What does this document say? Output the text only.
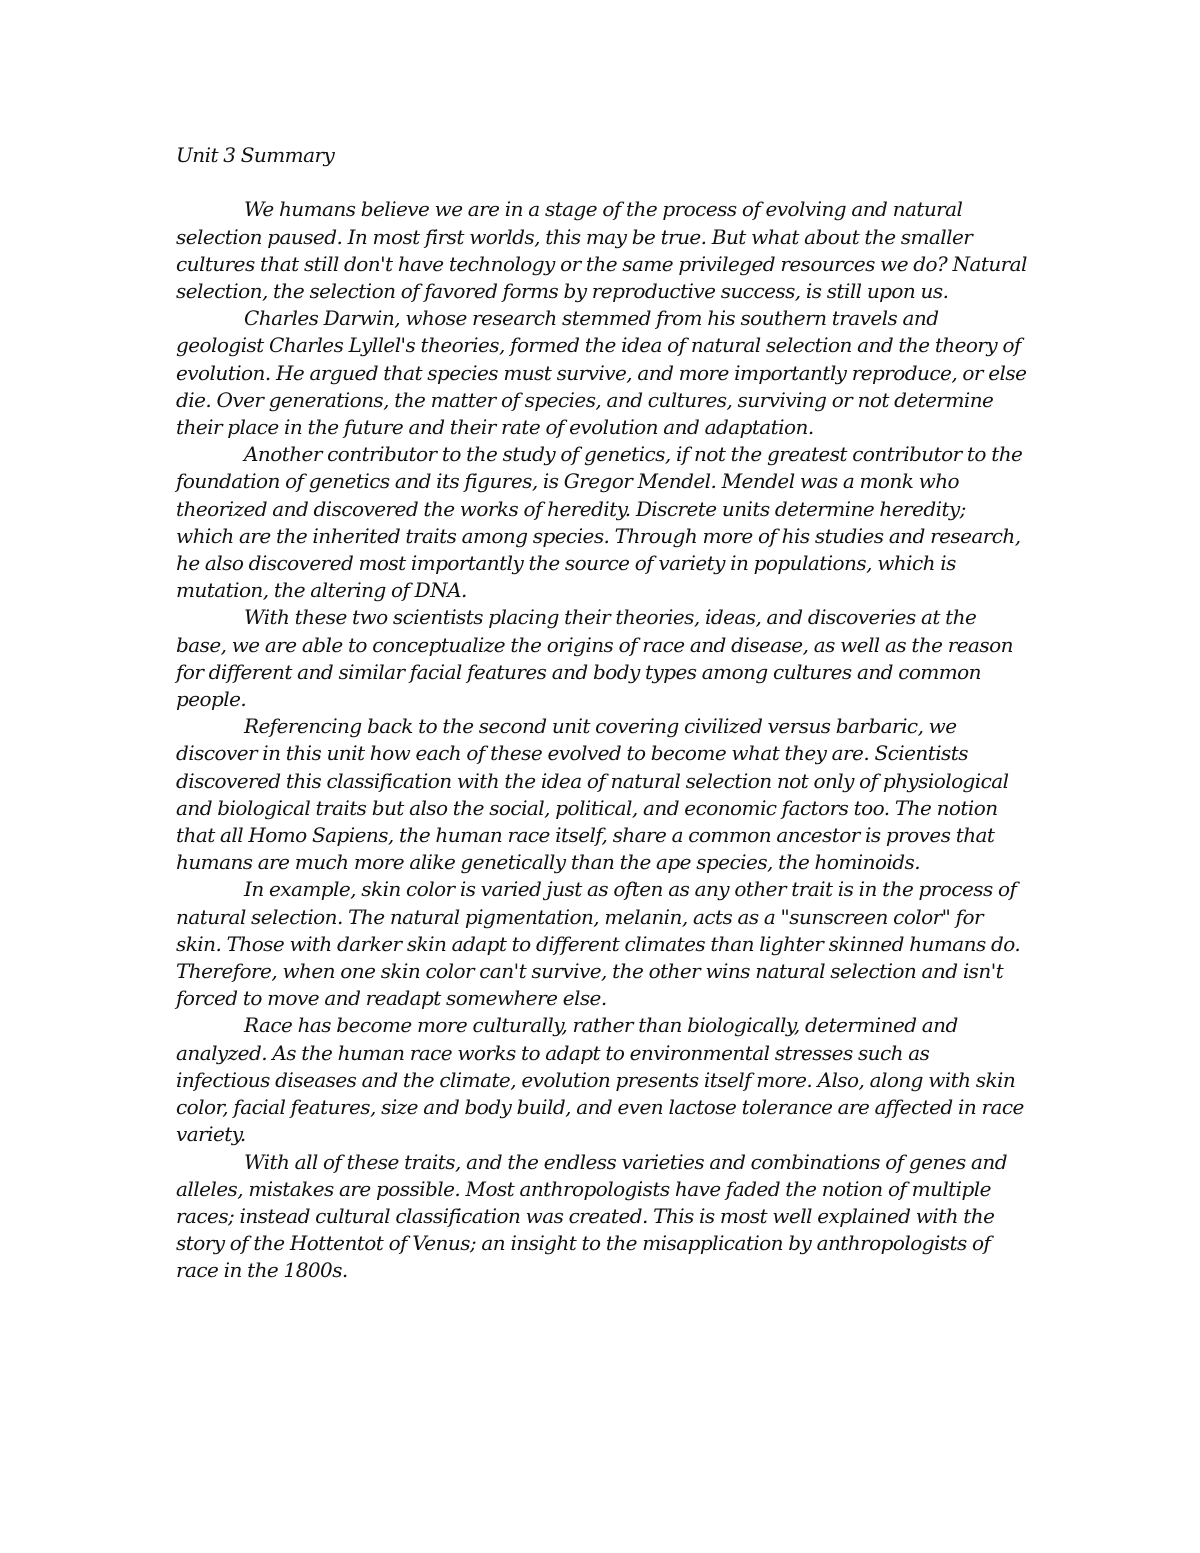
Unit 3 Summary

We humans believe we are in a stage of the process of evolving and natural selection paused. In most first worlds, this may be true. But what about the smaller cultures that still don't have technology or the same privileged resources we do? Natural selection, the selection of favored forms by reproductive success, is still upon us.

Charles Darwin, whose research stemmed from his southern travels and geologist Charles Lyllel's theories, formed the idea of natural selection and the theory of evolution. He argued that species must survive, and more importantly reproduce, or else die. Over generations, the matter of species, and cultures, surviving or not determine their place in the future and their rate of evolution and adaptation.

Another contributor to the study of genetics, if not the greatest contributor to the foundation of genetics and its figures, is Gregor Mendel. Mendel was a monk who theorized and discovered the works of heredity. Discrete units determine heredity; which are the inherited traits among species. Through more of his studies and research, he also discovered most importantly the source of variety in populations, which is mutation, the altering of DNA.

With these two scientists placing their theories, ideas, and discoveries at the base, we are able to conceptualize the origins of race and disease, as well as the reason for different and similar facial features and body types among cultures and common people.

Referencing back to the second unit covering civilized versus barbaric, we discover in this unit how each of these evolved to become what they are. Scientists discovered this classification with the idea of natural selection not only of physiological and biological traits but also the social, political, and economic factors too. The notion that all Homo Sapiens, the human race itself, share a common ancestor is proves that humans are much more alike genetically than the ape species, the hominoids.

In example, skin color is varied just as often as any other trait is in the process of natural selection. The natural pigmentation, melanin, acts as a "sunscreen color" for skin. Those with darker skin adapt to different climates than lighter skinned humans do. Therefore, when one skin color can't survive, the other wins natural selection and isn't forced to move and readapt somewhere else.

Race has become more culturally, rather than biologically, determined and analyzed. As the human race works to adapt to environmental stresses such as infectious diseases and the climate, evolution presents itself more. Also, along with skin color, facial features, size and body build, and even lactose tolerance are affected in race variety.

With all of these traits, and the endless varieties and combinations of genes and alleles, mistakes are possible. Most anthropologists have faded the notion of multiple races; instead cultural classification was created. This is most well explained with the story of the Hottentot of Venus; an insight to the misapplication by anthropologists of race in the 1800s.
